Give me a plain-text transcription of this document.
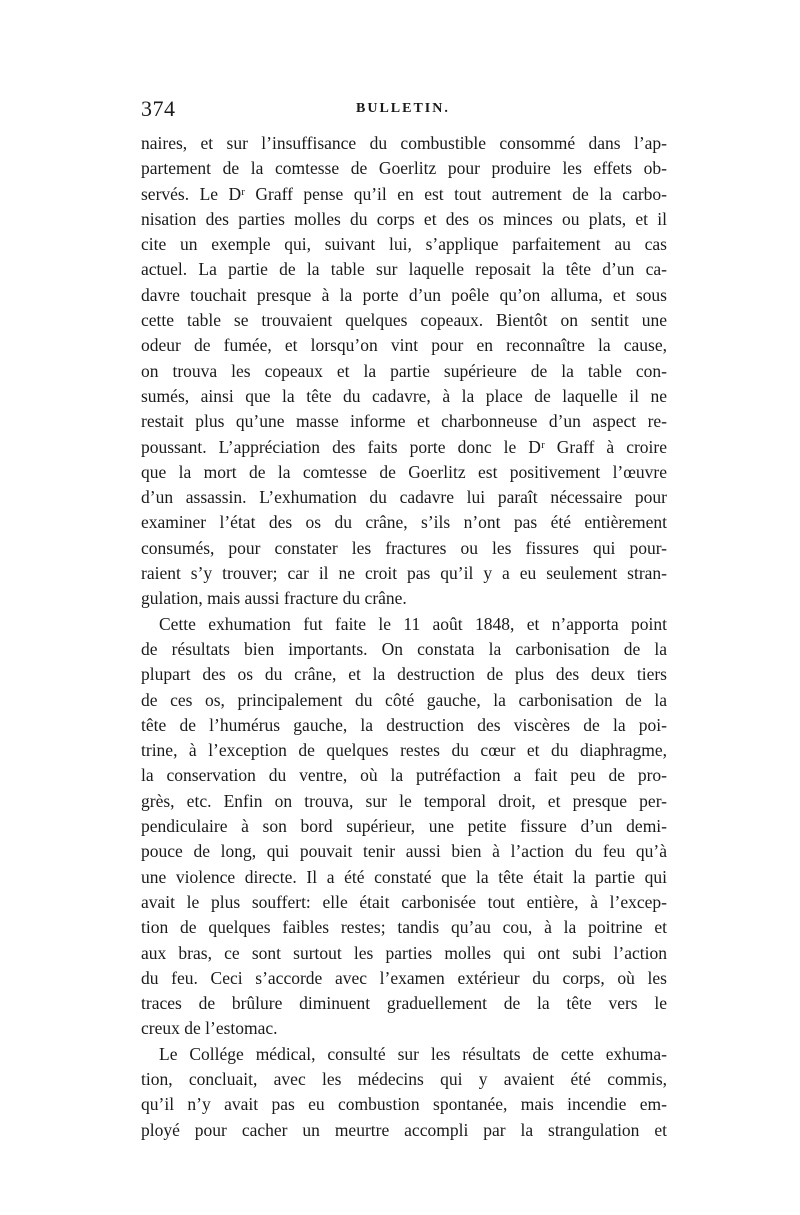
374	BULLETIN.
naires, et sur l’insuffisance du combustible consommé dans l’ap-
partement de la comtesse de Goerlitz pour produire les effets ob-
servés. Le Dʳ Graff pense qu’il en est tout autrement de la carbo-
nisation des parties molles du corps et des os minces ou plats, et il
cite un exemple qui, suivant lui, s’applique parfaitement au cas
actuel. La partie de la table sur laquelle reposait la tête d’un ca-
davre touchait presque à la porte d’un poêle qu’on alluma, et sous
cette table se trouvaient quelques copeaux. Bientôt on sentit une
odeur de fumée, et lorsqu’on vint pour en reconnaître la cause,
on trouva les copeaux et la partie supérieure de la table con-
sumés, ainsi que la tête du cadavre, à la place de laquelle il ne
restait plus qu’une masse informe et charbonneuse d’un aspect re-
poussant. L’appréciation des faits porte donc le Dʳ Graff à croire
que la mort de la comtesse de Goerlitz est positivement l’œuvre
d’un assassin. L’exhumation du cadavre lui paraît nécessaire pour
examiner l’état des os du crâne, s’ils n’ont pas été entièrement
consumés, pour constater les fractures ou les fissures qui pour-
raient s’y trouver; car il ne croit pas qu’il y a eu seulement stran-
gulation, mais aussi fracture du crâne.
Cette exhumation fut faite le 11 août 1848, et n’apporta point
de résultats bien importants. On constata la carbonisation de la
plupart des os du crâne, et la destruction de plus des deux tiers
de ces os, principalement du côté gauche, la carbonisation de la
tête de l’humérus gauche, la destruction des viscères de la poi-
trine, à l’exception de quelques restes du cœur et du diaphragme,
la conservation du ventre, où la putréfaction a fait peu de pro-
grès, etc. Enfin on trouva, sur le temporal droit, et presque per-
pendiculaire à son bord supérieur, une petite fissure d’un demi-
pouce de long, qui pouvait tenir aussi bien à l’action du feu qu’à
une violence directe. Il a été constaté que la tête était la partie qui
avait le plus souffert: elle était carbonisée tout entière, à l’excep-
tion de quelques faibles restes; tandis qu’au cou, à la poitrine et
aux bras, ce sont surtout les parties molles qui ont subi l’action
du feu. Ceci s’accorde avec l’examen extérieur du corps, où les
traces de brûlure diminuent graduellement de la tête vers le
creux de l’estomac.
Le Collége médical, consulté sur les résultats de cette exhuma-
tion, concluait, avec les médecins qui y avaient été commis,
qu’il n’y avait pas eu combustion spontanée, mais incendie em-
ployé pour cacher un meurtre accompli par la strangulation et
